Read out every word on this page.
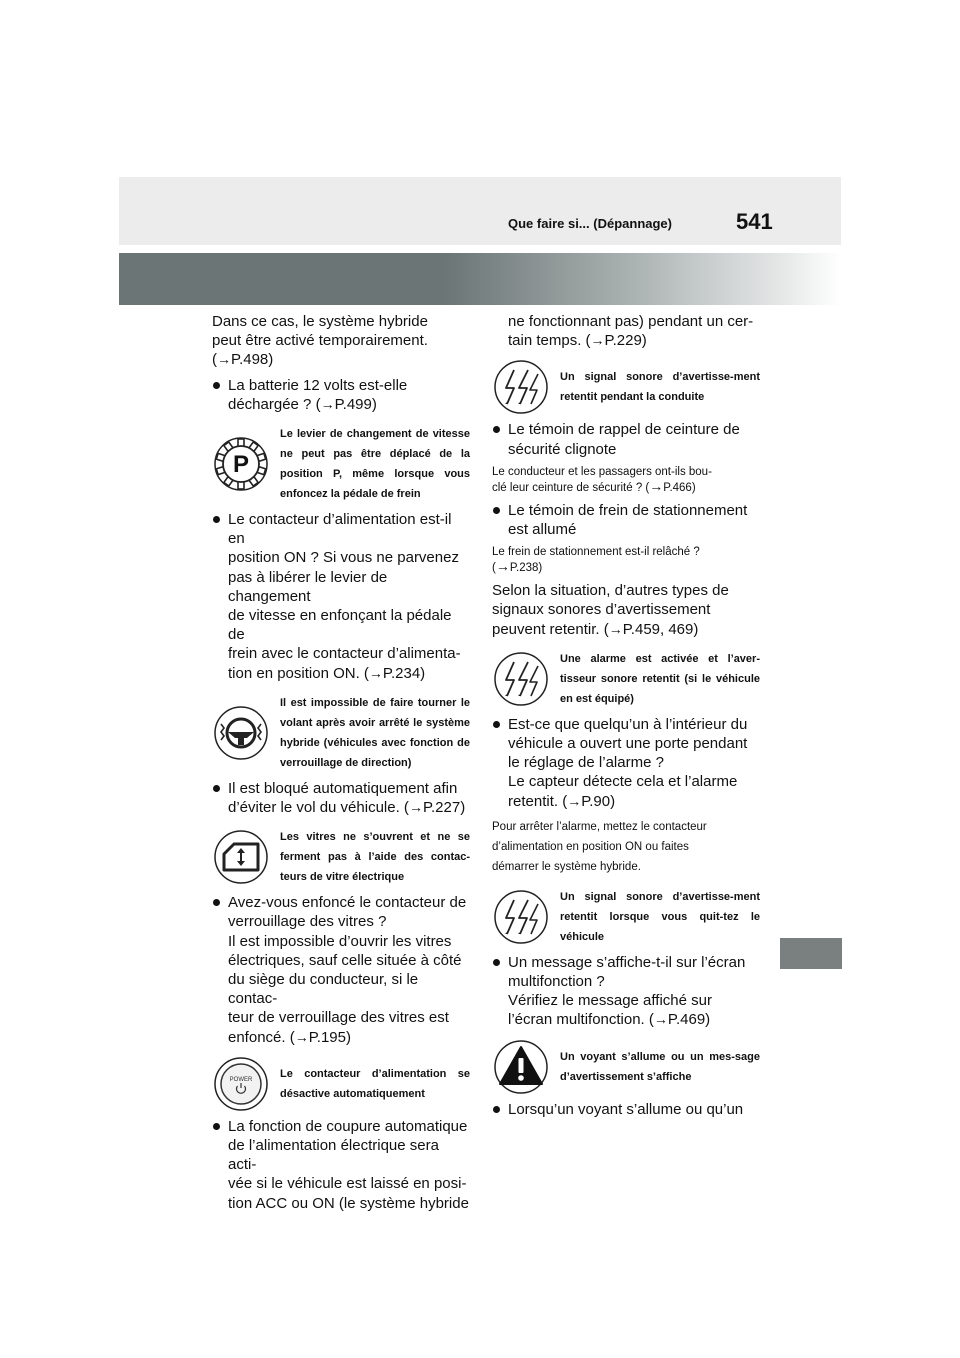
Que faire si... (Dépannage)	541

Dans ce cas, le système hybride
peut être activé temporairement.
(→P.498)

La batterie 12 volts est-elle
déchargée ? (→P.499)
P
Le levier de changement de vitesse ne peut pas être déplacé de la position P, même lorsque vous enfoncez la pédale de frein
Le contacteur d’alimentation est-il en
position ON ? Si vous ne parvenez
pas à libérer le levier de changement
de vitesse en enfonçant la pédale de
frein avec le contacteur d’alimenta-
tion en position ON. (→P.234)
Il est impossible de faire tourner le volant après avoir arrêté le système hybride (véhicules avec fonction de verrouillage de direction)
Il est bloqué automatiquement afin
d’éviter le vol du véhicule. (→P.227)
Les vitres ne s’ouvrent et ne se ferment pas à l’aide des contac-teurs de vitre électrique
Avez-vous enfoncé le contacteur de
verrouillage des vitres ?
Il est impossible d’ouvrir les vitres
électriques, sauf celle située à côté
du siège du conducteur, si le contac-
teur de verrouillage des vitres est
enfoncé. (→P.195)
POWER	Le contacteur d’alimentation se désactive automatiquement
La fonction de coupure automatique
de l’alimentation électrique sera acti-
vée si le véhicule est laissé en posi-
tion ACC ou ON (le système hybride

ne fonctionnant pas) pendant un cer-
tain temps. (→P.229)

Un signal sonore d’avertisse-ment retentit pendant la conduite
Le témoin de rappel de ceinture de
sécurité clignote

Le conducteur et les passagers ont-ils bou-
clé leur ceinture de sécurité ? (→P.466)

Le témoin de frein de stationnement
est allumé

Le frein de stationnement est-il relâché ?
(→P.238)

Selon la situation, d’autres types de
signaux sonores d’avertissement
peuvent retentir. (→P.459, 469)

Une alarme est activée et l’aver-tisseur sonore retentit (si le véhicule en est équipé)
Est-ce que quelqu’un à l’intérieur du
véhicule a ouvert une porte pendant
le réglage de l’alarme ?
Le capteur détecte cela et l’alarme
retentit. (→P.90)

Pour arrêter l’alarme, mettez le contacteur
d’alimentation en position ON ou faites
démarrer le système hybride.

Un signal sonore d’avertisse-ment retentit lorsque vous quit-tez le véhicule
Un message s’affiche-t-il sur l’écran
multifonction ?
Vérifiez le message affiché sur
l’écran multifonction. (→P.469)
Un voyant s’allume ou un mes-sage d’avertissement s’affiche
Lorsqu’un voyant s’allume ou qu’un
